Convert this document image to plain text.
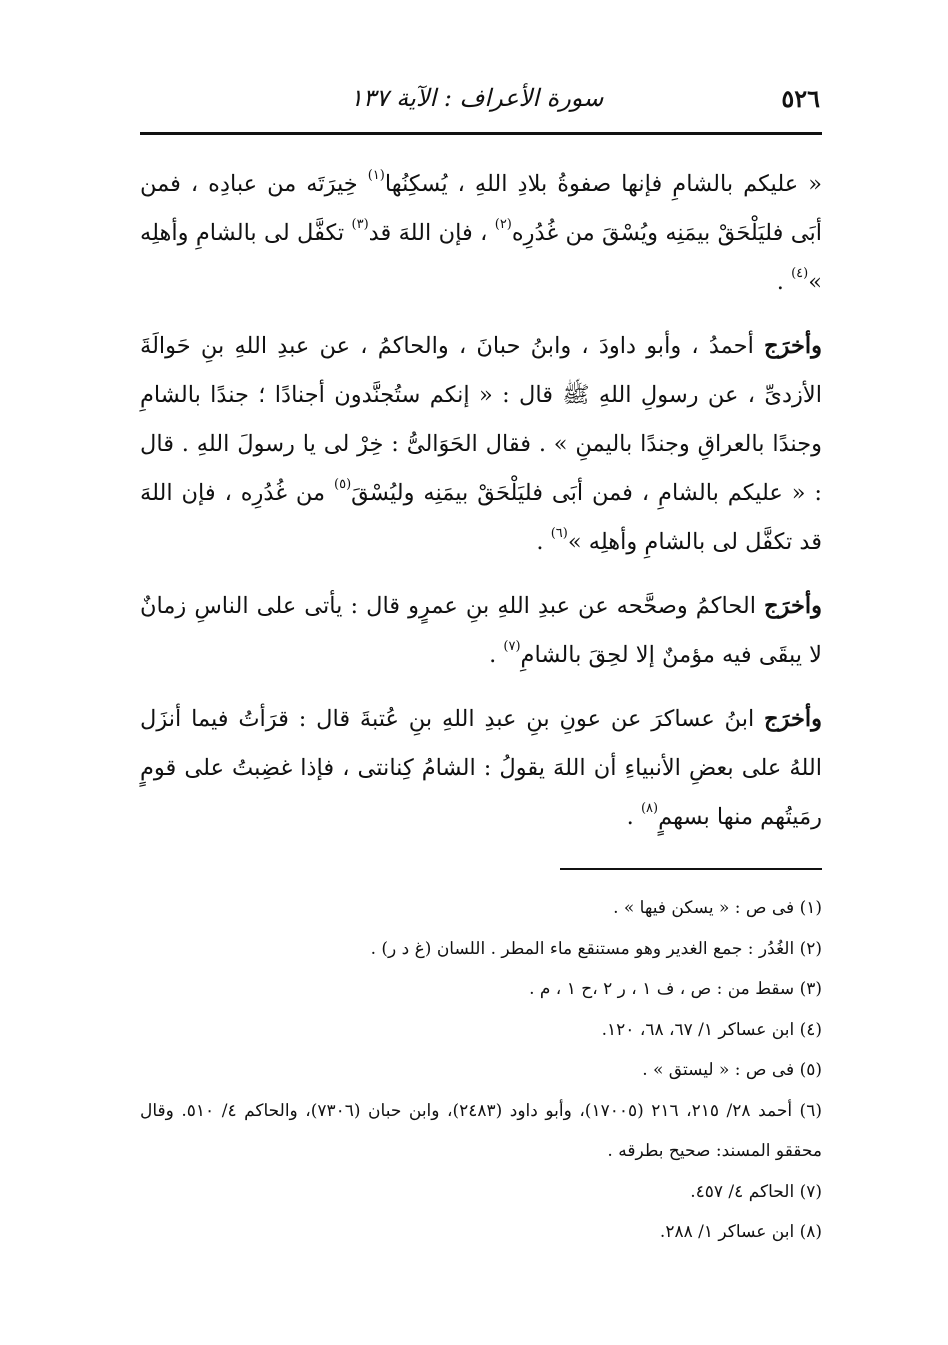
٥٢٦
سورة الأعراف : الآية ١٣٧

« عليكم بالشامِ فإنها صفوةُ بلادِ اللهِ ، يُسكِنُها$^{(١)}$ خِيرَتَه من عبادِه ، فمن أبَى فليَلْحَقْ بيمَنِه ويُسْقَ من غُدُرِه$^{(٢)}$ ، فإن اللهَ قد$^{(٣)}$ تكفَّل لى بالشامِ وأهلِه »$^{(٤)}$ .

وأخرَج أحمدُ ، وأبو داودَ ، وابنُ حبانَ ، والحاكمُ ، عن عبدِ اللهِ بنِ حَوالَةَ الأزدىِّ ، عن رسولِ اللهِ ﷺ قال : « إنكم ستُجنَّدون أجنادًا ؛ جندًا بالشامِ وجندًا بالعراقِ وجندًا باليمنِ » . فقال الحَوَالىُّ : خِرْ لى يا رسولَ اللهِ . قال : « عليكم بالشامِ ، فمن أبَى فليَلْحَقْ بيمَنِه وليُسْقَ$^{(٥)}$ من غُدُرِه ، فإن اللهَ قد تكفَّل لى بالشامِ وأهلِه »$^{(٦)}$ .

وأخرَج الحاكمُ وصحَّحه عن عبدِ اللهِ بنِ عمرٍو قال : يأتى على الناسِ زمانٌ لا يبقَى فيه مؤمنٌ إلا لحِقَ بالشامِ$^{(٧)}$ .

وأخرَج ابنُ عساكرَ عن عونِ بنِ عبدِ اللهِ بنِ عُتبةَ قال : قرَأتُ فيما أنزَل اللهُ على بعضِ الأنبياءِ أن اللهَ يقولُ : الشامُ كِنانتى ، فإذا غضِبتُ على قومٍ رمَيتُهم منها بسهمٍ$^{(٨)}$ .

(١) فى ص : « يسكن فيها » .

(٢) الغُدُر : جمع الغدير وهو مستنقع ماء المطر . اللسان (غ د ر) .

(٣) سقط من : ص ، ف ١ ، ر ٢ ،ح ١ ، م .

(٤) ابن عساكر ١/ ٦٧، ٦٨، ١٢٠.

(٥) فى ص : « ليستق » .

(٦) أحمد ٢٨/ ٢١٥، ٢١٦ (١٧٠٠٥)، وأبو داود (٢٤٨٣)، وابن حبان (٧٣٠٦)، والحاكم ٤/ ٥١٠. وقال محققو المسند: صحيح بطرقه .

(٧) الحاكم ٤/ ٤٥٧.

(٨) ابن عساكر ١/ ٢٨٨.
